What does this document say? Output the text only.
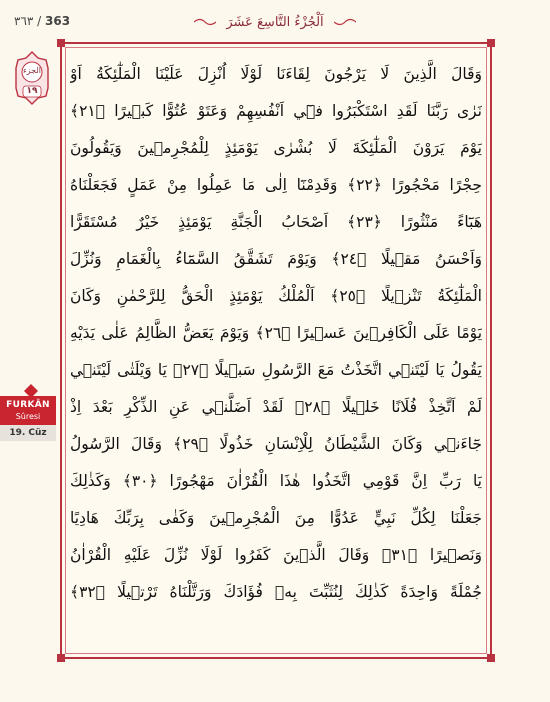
٣٦٣ / 363	اَلْجُزْءُ التَّاسِعَ عَشَرَ
الجزء
١٩
FURKÂN
Sûresi
19. Cüz
وَقَالَ الَّذِينَ لَا يَرْجُونَ لِقَاءَنَا لَوْلَا اُنْزِلَ عَلَيْنَا الْمَلٰٓئِكَةُ اَوْ
نَرٰى رَبَّنَا لَقَدِ اسْتَكْبَرُوا ف۪ٓي اَنْفُسِهِمْ وَعَتَوْ عُتُوًّا كَب۪يرًا ﴿٢١﴾
يَوْمَ يَرَوْنَ الْمَلٰٓئِكَةَ لَا بُشْرٰى يَوْمَئِذٍ لِلْمُجْرِم۪ينَ وَيَقُولُونَ
حِجْرًا مَحْجُورًا ﴿٢٢﴾ وَقَدِمْنَٓا اِلٰى مَا عَمِلُوا مِنْ عَمَلٍ فَجَعَلْنَاهُ
هَبَٓاءً مَنْثُورًا ﴿٢٣﴾ اَصْحَابُ الْجَنَّةِ يَوْمَئِذٍ خَيْرٌ مُسْتَقَرًّا
وَاَحْسَنُ مَق۪يلًا ﴿٢٤﴾ وَيَوْمَ تَشَقَّقُ السَّمَٓاءُ بِالْغَمَامِ وَنُزِّلَ
الْمَلٰٓئِكَةُ تَنْز۪يلًا ﴿٢٥﴾ اَلْمُلْكُ يَوْمَئِذٍ الْحَقُّ لِلرَّحْمٰنِ وَكَانَ
يَوْمًا عَلَى الْكَافِر۪ينَ عَس۪يرًا ﴿٢٦﴾ وَيَوْمَ يَعَضُّ الظَّالِمُ عَلٰى يَدَيْهِ
يَقُولُ يَا لَيْتَن۪ي اتَّخَذْتُ مَعَ الرَّسُولِ سَب۪يلًا ﴿٢٧﴾ يَا وَيْلَتٰى لَيْتَن۪ي
لَمْ اَتَّخِذْ فُلَانًا خَل۪يلًا ﴿٢٨﴾ لَقَدْ اَضَلَّن۪ي عَنِ الذِّكْرِ بَعْدَ اِذْ
جَٓاءَن۪ي وَكَانَ الشَّيْطَانُ لِلْاِنْسَانِ خَذُولًا ﴿٢٩﴾ وَقَالَ الرَّسُولُ
يَا رَبِّ اِنَّ قَوْمِي اتَّخَذُوا هٰذَا الْقُرْاٰنَ مَهْجُورًا ﴿٣٠﴾ وَكَذٰلِكَ
جَعَلْنَا لِكُلِّ نَبِيٍّ عَدُوًّا مِنَ الْمُجْرِم۪ينَ وَكَفٰى بِرَبِّكَ هَادِيًا
وَنَص۪يرًا ﴿٣١﴾ وَقَالَ الَّذ۪ينَ كَفَرُوا لَوْلَا نُزِّلَ عَلَيْهِ الْقُرْاٰنُ
جُمْلَةً وَاحِدَةً كَذٰلِكَ لِنُثَبِّتَ بِه۪ فُؤَادَكَ وَرَتَّلْنَاهُ تَرْت۪يلًا ﴿٣٢﴾
